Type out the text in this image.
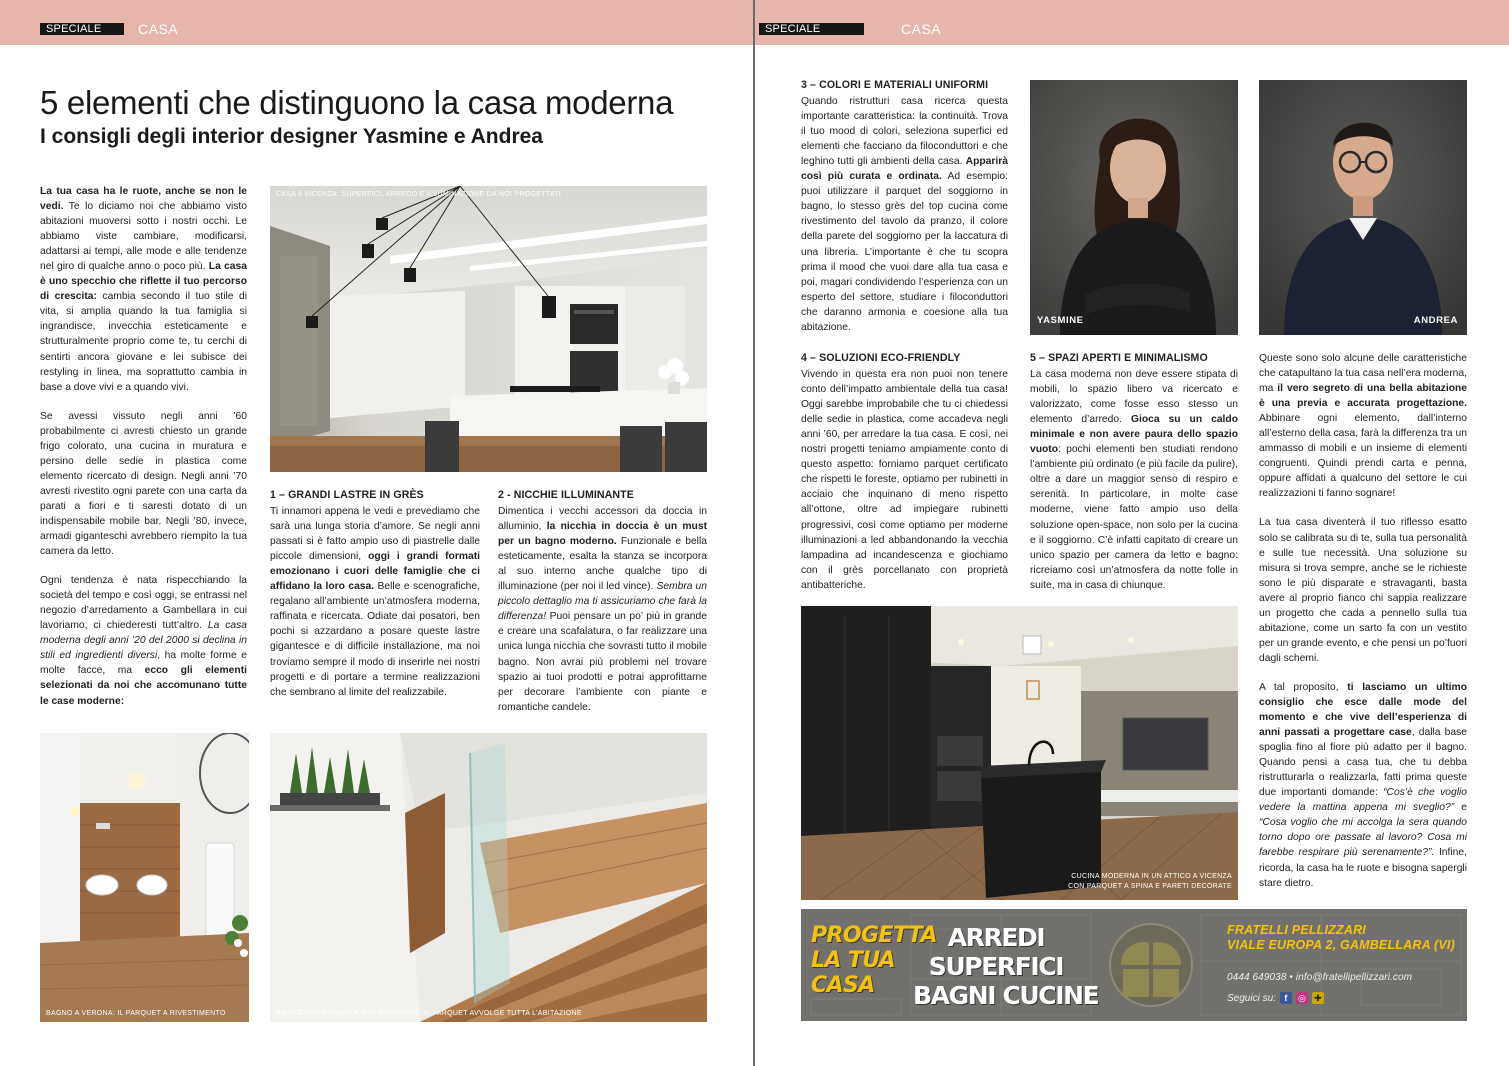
SPECIALE	CASA
5 elementi che distinguono la casa moderna
I consigli degli interior designer Yasmine e Andrea

La tua casa ha le ruote, anche se non le vedi. Te lo diciamo noi che abbiamo visto abitazioni muoversi sotto i nostri occhi. Le abbiamo viste cambiare, modificarsi, adattarsi ai tempi, alle mode e alle tendenze nel giro di qualche anno o poco più. La casa è uno specchio che riflette il tuo percorso di crescita: cambia secondo il tuo stile di vita, si amplia quando la tua famiglia si ingrandisce, invecchia esteticamente e strutturalmente proprio come te, tu cerchi di sentirti ancora giovane e lei subisce dei restyling in linea, ma soprattutto cambia in base a dove vivi e a quando vivi.

Se avessi vissuto negli anni ’60 probabilmente ci avresti chiesto un grande frigo colorato, una cucina in muratura e persino delle sedie in plastica come elemento ricercato di design. Negli anni ’70 avresti rivestito ogni parete con una carta da parati a fiori e ti saresti dotato di un indispensabile mobile bar. Negli ’80, invece, armadi giganteschi avrebbero riempito la tua camera da letto.

Ogni tendenza è nata rispecchiando la società del tempo e così oggi, se entrassi nel negozio d’arredamento a Gambellara in cui lavoriamo, ci chiederesti tutt’altro. La casa moderna degli anni ’20 del 2000 si declina in stili ed ingredienti diversi, ha molte forme e molte facce, ma ecco gli elementi selezionati da noi che accomunano tutte le case moderne:

CASA A VICENZA: SUPERFICI, ARREDO E ILLUMINAZIONE DA NOI PROGETTATI
1 – GRANDI LASTRE IN GRÈS

Ti innamori appena le vedi e prevediamo che sarà una lunga storia d’amore. Se negli anni passati si è fatto ampio uso di piastrelle dalle piccole dimensioni, oggi i grandi formati emozionano i cuori delle famiglie che ci affidano la loro casa. Belle e scenografiche, regalano all’ambiente un’atmosfera moderna, raffinata e ricercata. Odiate dai posatori, ben pochi si azzardano a posare queste lastre gigantesce e di difficile installazione, ma noi troviamo sempre il modo di inserirle nei nostri progetti e di portare a termine realizzazioni che sembrano al limite del realizzabile.

2 - NICCHIE ILLUMINANTE

Dimentica i vecchi accessori da doccia in alluminio, la nicchia in doccia è un must per un bagno moderno. Funzionale e bella esteticamente, esalta la stanza se incorpora al suo interno anche qualche tipo di illuminazione (per noi il led vince). Sembra un piccolo dettaglio ma ti assicuriamo che farà la differenza! Puoi pensare un po’ più in grande e creare una scafalatura, o far realizzare una unica lunga nicchia che sovrasti tutto il mobile bagno. Non avrai più problemi nel trovare spazio ai tuoi prodotti e potrai approfittarne per decorare l’ambiente con piante e romantiche candele.

BAGNO A VERONA: IL PARQUET A RIVESTIMENTO	ABITAZIONE PRIVATA A SAN BONIFACIO: IL PARQUET AVVOLGE TUTTA L’ABITAZIONE
SPECIALE	CASA
3 – COLORI E MATERIALI UNIFORMI

Quando ristrutturi casa ricerca questa importante caratteristica: la continuità. Trova il tuo mood di colori, seleziona superfici ed elementi che facciano da filoconduttori e che leghino tutti gli ambienti della casa. Apparirà così più curata e ordinata. Ad esempio: puoi utilizzare il parquet del soggiorno in bagno, lo stesso grès del top cucina come rivestimento del tavolo da pranzo, il colore della parete del soggiorno per la laccatura di una libreria. L’importante è che tu scopra prima il mood che vuoi dare alla tua casa e poi, magari condividendo l’esperienza con un esperto del settore, studiare i filoconduttori che daranno armonia e coesione alla tua abitazione.

YASMINE	ANDREA
4 – SOLUZIONI ECO-FRIENDLY

Vivendo in questa era non puoi non tenere conto dell’impatto ambientale della tua casa! Oggi sarebbe improbabile che tu ci chiedessi delle sedie in plastica, come accadeva negli anni ’60, per arredare la tua casa. E così, nei nostri progetti teniamo ampiamente conto di questo aspetto: forniamo parquet certificato che rispetti le foreste, optiamo per rubinetti in acciaio che inquinano di meno rispetto all’ottone, oltre ad impiegare rubinetti progressivi, così come optiamo per moderne illuminazioni a led abbandonando la vecchia lampadina ad incandescenza e giochiamo con il grès porcellanato con proprietà antibatteriche.

5 – SPAZI APERTI E MINIMALISMO

La casa moderna non deve essere stipata di mobili, lo spazio libero va ricercato e valorizzato, come fosse esso stesso un elemento d’arredo. Gioca su un caldo minimale e non avere paura dello spazio vuoto: pochi elementi ben studiati rendono l’ambiente più ordinato (e più facile da pulire), oltre a dare un maggior senso di respiro e serenità. In particolare, in molte case moderne, viene fatto ampio uso della soluzione open-space, non solo per la cucina e il soggiorno. C’è infatti capitato di creare un unico spazio per camera da letto e bagno: ricreiamo così un’atmosfera da notte folle in suite, ma in casa di chiunque.

Queste sono solo alcune delle caratteristiche che catapultano la tua casa nell’era moderna, ma il vero segreto di una bella abitazione è una previa e accurata progettazione. Abbinare ogni elemento, dall’interno all’esterno della casa, farà la differenza tra un ammasso di mobili e un insieme di elementi congruenti. Quindi prendi carta e penna, oppure affidati a qualcuno del settore le cui realizzazioni ti fanno sognare!

La tua casa diventerà il tuo riflesso esatto solo se calibrata su di te, sulla tua personalità e sulle tue necessità. Una soluzione su misura si trova sempre, anche se le richieste sono le più disparate e stravaganti, basta avere al proprio fianco chi sappia realizzare un progetto che cada a pennello sulla tua abitazione, come un sarto fa con un vestito per un grande evento, e che pensi un po’fuori dagli schemi.

A tal proposito, ti lasciamo un ultimo consiglio che esce dalle mode del momento e che vive dell’esperienza di anni passati a progettare case, dalla base spoglia fino al fiore più adatto per il bagno. Quando pensi a casa tua, che tu debba ristrutturarla o realizzarla, fatti prima queste due importanti domande: “Cos’è che voglio vedere la mattina appena mi sveglio?” e “Cosa voglio che mi accolga la sera quando torno dopo ore passate al lavoro? Cosa mi farebbe respirare più serenamente?”. Infine, ricorda, la casa ha le ruote e bisogna sapergli stare dietro.

CUCINA MODERNA IN UN ATTICO A VICENZA
CON PARQUET A SPINA E PARETI DECORATE
PROGETTA
LA TUA
CASA
ARREDI
SUPERFICI
BAGNI CUCINE
FRATELLI PELLIZZARI
VIALE EUROPA 2, GAMBELLARA (VI)
0444 649038 • info@fratellipellizzari.com
Seguici su: f	◎ ✚
